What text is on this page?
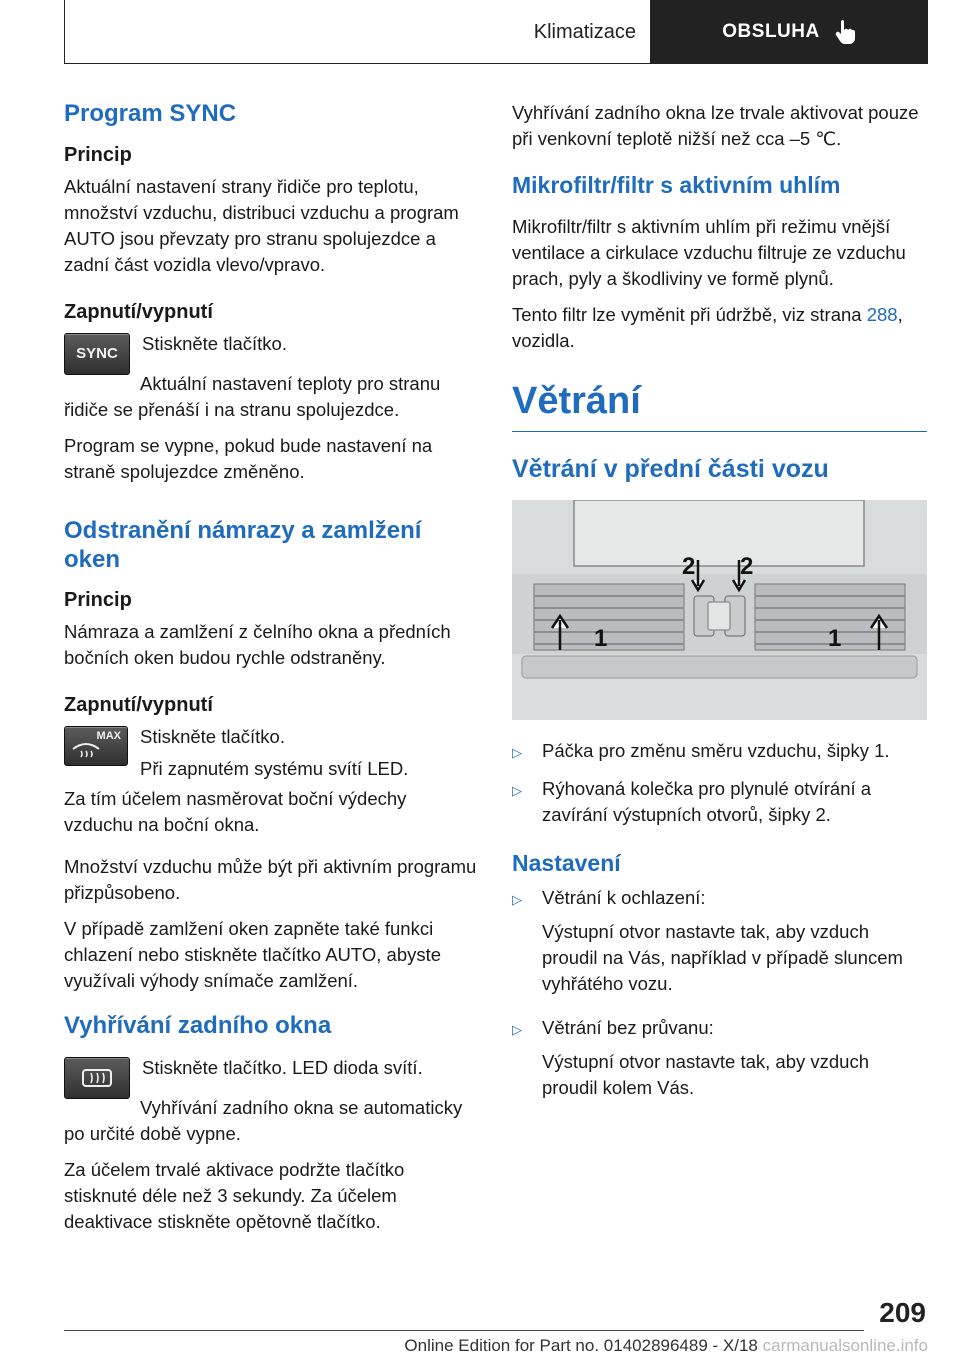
Klimatizace	OBSLUHA
Program SYNC
Princip

Aktuální nastavení strany řidiče pro teplotu, množství vzduchu, distribuci vzduchu a program AUTO jsou převzaty pro stranu spolujezdce a zadní část vozidla vlevo/vpravo.

Zapnutí/vypnutí
SYNC	Stiskněte tlačítko.

Aktuální nastavení teploty pro stranu řidiče se přenáší i na stranu spolujezdce.

Program se vypne, pokud bude nastavení na straně spolujezdce změněno.

Odstranění námrazy a zamlžení oken
Princip

Námraza a zamlžení z čelního okna a předních bočních oken budou rychle odstraněny.

Zapnutí/vypnutí
MAX Stiskněte tlačítko.

Při zapnutém systému svítí LED.

Za tím účelem nasměrovat boční výdechy vzduchu na boční okna.

Množství vzduchu může být při aktivním programu přizpůsobeno.

V případě zamlžení oken zapněte také funkci chlazení nebo stiskněte tlačítko AUTO, abyste využívali výhody snímače zamlžení.

Vyhřívání zadního okna

Stiskněte tlačítko. LED dioda svítí.

Vyhřívání zadního okna se automaticky po určité době vypne.

Za účelem trvalé aktivace podržte tlačítko stisknuté déle než 3 sekundy. Za účelem deaktivace stiskněte opětovně tlačítko.

Vyhřívání zadního okna lze trvale aktivovat pouze při venkovní teplotě nižší než cca –5 ℃.

Mikrofiltr/filtr s aktivním uhlím

Mikrofiltr/filtr s aktivním uhlím při režimu vnější ventilace a cirkulace vzduchu filtruje ze vzduchu prach, pyly a škodliviny ve formě plynů.

Tento filtr lze vyměnit při údržbě, viz strana 288, vozidla.

Větrání
Větrání v přední části vozu
2 2
1	1
▷	Páčka pro změnu směru vzduchu, šipky 1.
▷	Rýhovaná kolečka pro plynulé otvírání a zavírání výstupních otvorů, šipky 2.
Nastavení
▷	Větrání k ochlazení:

Výstupní otvor nastavte tak, aby vzduch proudil na Vás, například v případě sluncem vyhřátého vozu.

▷	Větrání bez průvanu:

Výstupní otvor nastavte tak, aby vzduch proudil kolem Vás.

209
Online Edition for Part no. 01402896489 - X/18 carmanualsonline.info
